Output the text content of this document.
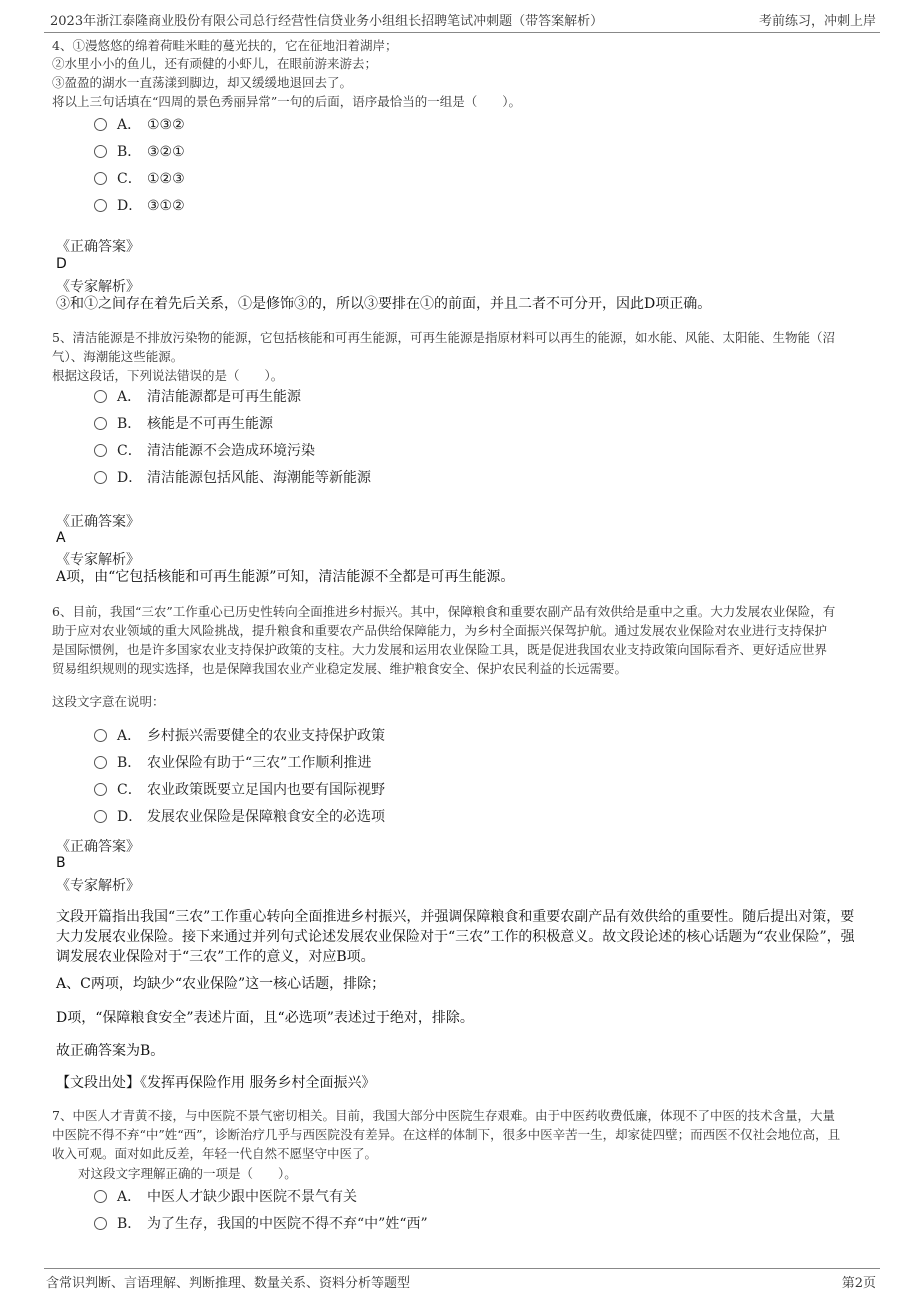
2023年浙江泰隆商业股份有限公司总行经营性信贷业务小组组长招聘笔试冲刺题（带答案解析）	考前练习，冲刺上岸

4、①漫悠悠的绵着荷畦米畦的蔓光扶的，它在征地汨着湖岸；

②水里小小的鱼儿，还有顽健的小虾儿，在眼前游来游去；

③盈盈的湖水一直荡漾到脚边，却又缓缓地退回去了。

将以上三句话填在“四周的景色秀丽异常”一句的后面，语序最恰当的一组是（　　）。

A． ①③②
B． ③②①
C． ①②③
D． ③①②
《正确答案》
D
《专家解析》

③和①之间存在着先后关系，①是修饰③的，所以③要排在①的前面，并且二者不可分开，因此D项正确。

5、清洁能源是不排放污染物的能源，它包括核能和可再生能源，可再生能源是指原材料可以再生的能源，如水能、风能、太阳能、生物能（沼

气）、海潮能这些能源。

根据这段话，下列说法错误的是（　　）。

A． 清洁能源都是可再生能源
B． 核能是不可再生能源
C． 清洁能源不会造成环境污染
D． 清洁能源包括风能、海潮能等新能源
《正确答案》
A
《专家解析》

A项，由“它包括核能和可再生能源”可知，清洁能源不全都是可再生能源。

6、目前，我国“三农”工作重心已历史性转向全面推进乡村振兴。其中，保障粮食和重要农副产品有效供给是重中之重。大力发展农业保险，有

助于应对农业领域的重大风险挑战，提升粮食和重要农产品供给保障能力，为乡村全面振兴保驾护航。通过发展农业保险对农业进行支持保护

是国际惯例，也是许多国家农业支持保护政策的支柱。大力发展和运用农业保险工具，既是促进我国农业支持政策向国际看齐、更好适应世界

贸易组织规则的现实选择，也是保障我国农业产业稳定发展、维护粮食安全、保护农民利益的长远需要。

这段文字意在说明：

A． 乡村振兴需要健全的农业支持保护政策
B． 农业保险有助于“三农”工作顺利推进
C． 农业政策既要立足国内也要有国际视野
D． 发展农业保险是保障粮食安全的必选项
《正确答案》
B
《专家解析》

文段开篇指出我国“三农”工作重心转向全面推进乡村振兴，并强调保障粮食和重要农副产品有效供给的重要性。随后提出对策，要大力发展农业保险。接下来通过并列句式论述发展农业保险对于“三农”工作的积极意义。故文段论述的核心话题为“农业保险”，强调发展农业保险对于“三农”工作的意义，对应B项。

A、C两项，均缺少“农业保险”这一核心话题，排除；

D项，“保障粮食安全”表述片面，且“必选项”表述过于绝对，排除。

故正确答案为B。

【文段出处】《发挥再保险作用 服务乡村全面振兴》

7、中医人才青黄不接，与中医院不景气密切相关。目前，我国大部分中医院生存艰难。由于中医药收费低廉，体现不了中医的技术含量，大量

中医院不得不弃“中”姓“西”，诊断治疗几乎与西医院没有差异。在这样的体制下，很多中医辛苦一生，却家徒四壁；而西医不仅社会地位高，且

收入可观。面对如此反差，年轻一代自然不愿坚守中医了。

对这段文字理解正确的一项是（　　）。

A． 中医人才缺少跟中医院不景气有关
B． 为了生存，我国的中医院不得不弃“中”姓“西”
含常识判断、言语理解、判断推理、数量关系、资料分析等题型	第2页
